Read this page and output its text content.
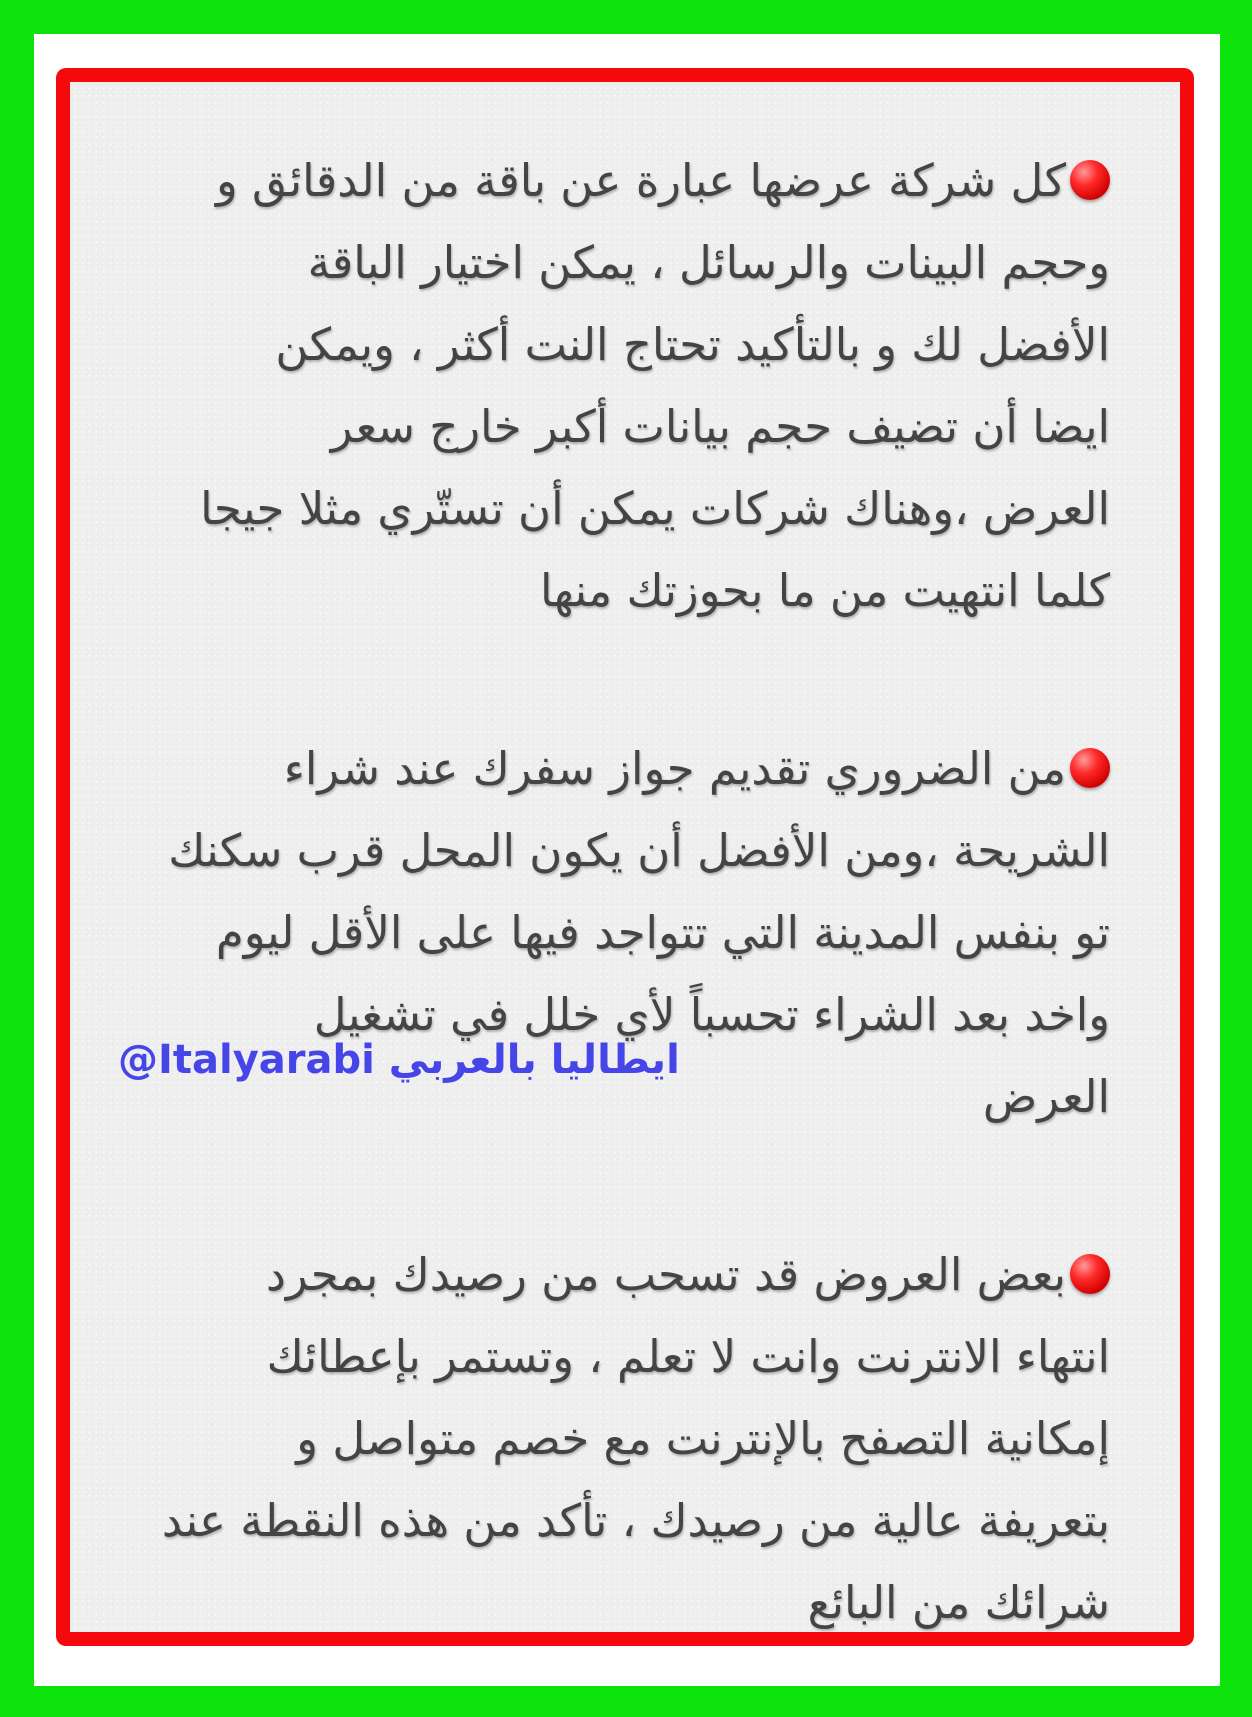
كل شركة عرضها عبارة عن باقة من الدقائق و
وحجم البينات والرسائل ، يمكن اختيار الباقة
الأفضل لك و بالتأكيد تحتاج النت أكثر ، ويمكن
ايضا أن تضيف حجم بيانات أكبر خارج سعر
العرض ،وهناك شركات يمكن أن تستّري مثلا جيجا
كلما انتهيت من ما بحوزتك منها
من الضروري تقديم جواز سفرك عند شراء
الشريحة ،ومن الأفضل أن يكون المحل قرب سكنك
تو بنفس المدينة التي تتواجد فيها على الأقل ليوم
واخد بعد الشراء تحسباً لأي خلل في تشغيل
العرض
بعض العروض قد تسحب من رصيدك بمجرد
انتهاء الانترنت وانت لا تعلم ، وتستمر بإعطائك
إمكانية التصفح بالإنترنت مع خصم متواصل و
بتعريفة عالية من رصيدك ، تأكد من هذه النقطة عند
شرائك من البائع
@Italyarabi ايطاليا بالعربي
